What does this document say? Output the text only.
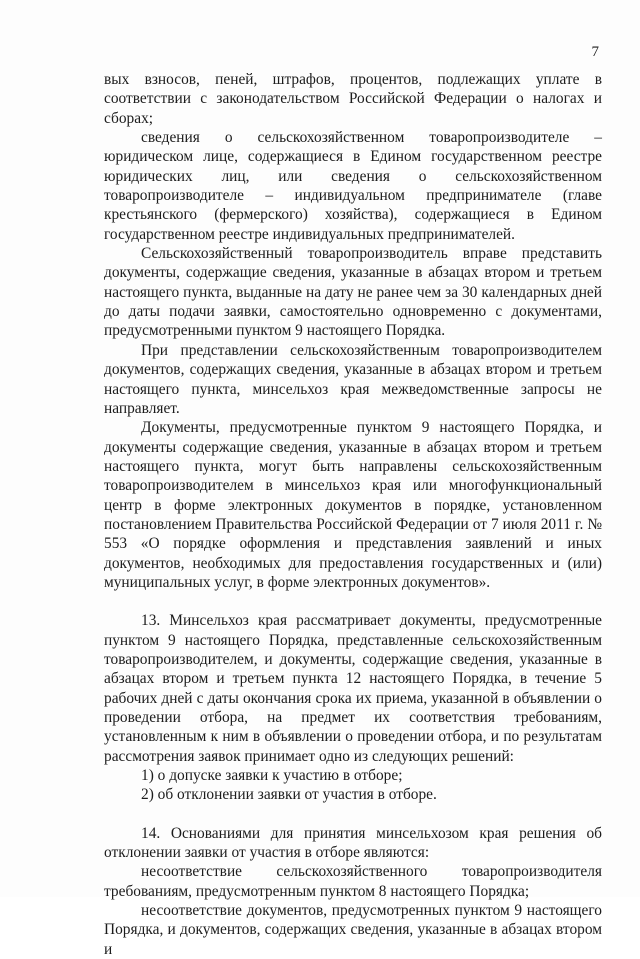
7

вых взносов, пеней, штрафов, процентов, подлежащих уплате в соответствии с законодательством Российской Федерации о налогах и сборах;

сведения о сельскохозяйственном товаропроизводителе – юридическом лице, содержащиеся в Едином государственном реестре юридических лиц, или сведения о сельскохозяйственном товаропроизводителе – индивидуальном предпринимателе (главе крестьянского (фермерского) хозяйства), содержащиеся в Едином государственном реестре индивидуальных предпринимателей.

Сельскохозяйственный товаропроизводитель вправе представить документы, содержащие сведения, указанные в абзацах втором и третьем настоящего пункта, выданные на дату не ранее чем за 30 календарных дней до даты подачи заявки, самостоятельно одновременно с документами, предусмотренными пунктом 9 настоящего Порядка.

При представлении сельскохозяйственным товаропроизводителем документов, содержащих сведения, указанные в абзацах втором и третьем настоящего пункта, минсельхоз края межведомственные запросы не направляет.

Документы, предусмотренные пунктом 9 настоящего Порядка, и документы содержащие сведения, указанные в абзацах втором и третьем настоящего пункта, могут быть направлены сельскохозяйственным товаропроизводителем в минсельхоз края или многофункциональный центр в форме электронных документов в порядке, установленном постановлением Правительства Российской Федерации от 7 июля 2011 г. № 553 «О порядке оформления и представления заявлений и иных документов, необходимых для предоставления государственных и (или) муниципальных услуг, в форме электронных документов».

13. Минсельхоз края рассматривает документы, предусмотренные пунктом 9 настоящего Порядка, представленные сельскохозяйственным товаропроизводителем, и документы, содержащие сведения, указанные в абзацах втором и третьем пункта 12 настоящего Порядка, в течение 5 рабочих дней с даты окончания срока их приема, указанной в объявлении о проведении отбора, на предмет их соответствия требованиям, установленным к ним в объявлении о проведении отбора, и по результатам рассмотрения заявок принимает одно из следующих решений:

1) о допуске заявки к участию в отборе;

2) об отклонении заявки от участия в отборе.

14. Основаниями для принятия минсельхозом края решения об отклонении заявки от участия в отборе являются:

несоответствие сельскохозяйственного товаропроизводителя требованиям, предусмотренным пунктом 8 настоящего Порядка;

несоответствие документов, предусмотренных пунктом 9 настоящего Порядка, и документов, содержащих сведения, указанные в абзацах втором и
